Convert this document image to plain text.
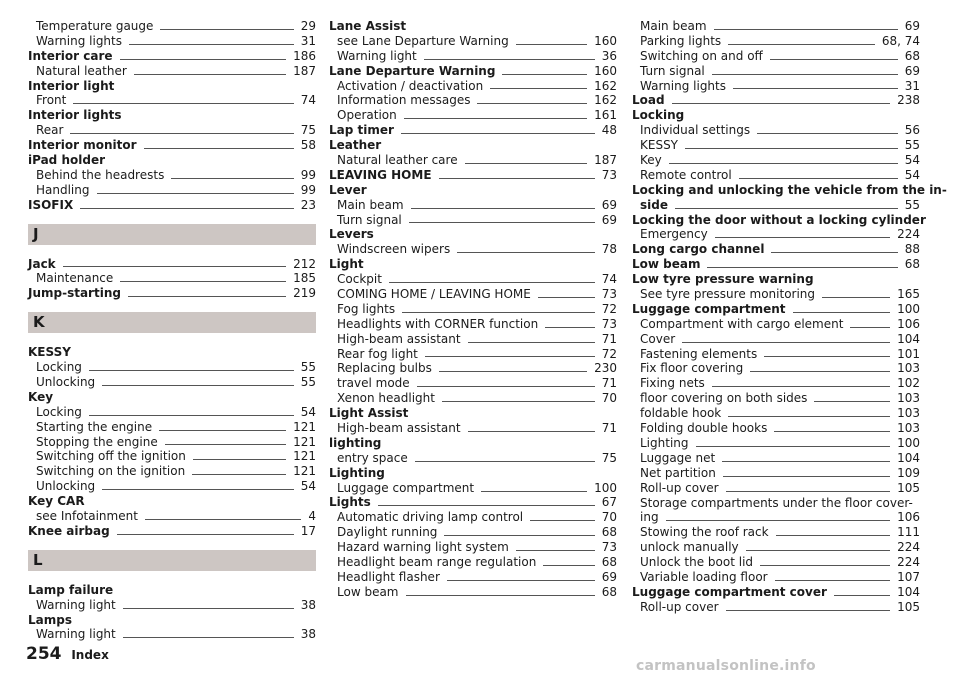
Temperature gauge	29
Warning lights	31
Interior care	186
Natural leather	187
Interior light
Front	74
Interior lights
Rear	75
Interior monitor	58
iPad holder
Behind the headrests	99
Handling	99
ISOFIX	23
J
Jack	212
Maintenance	185
Jump-starting	219
K
KESSY
Locking	55
Unlocking	55
Key
Locking	54
Starting the engine	121
Stopping the engine	121
Switching off the ignition	121
Switching on the ignition	121
Unlocking	54
Key CAR
see Infotainment	4
Knee airbag	17
L
Lamp failure
Warning light	38
Lamps
Warning light	38
Lane Assist
see Lane Departure Warning	160
Warning light	36
Lane Departure Warning	160
Activation / deactivation	162
Information messages	162
Operation	161
Lap timer	48
Leather
Natural leather care	187
LEAVING HOME	73
Lever
Main beam	69
Turn signal	69
Levers
Windscreen wipers	78
Light
Cockpit	74
COMING HOME / LEAVING HOME	73
Fog lights	72
Headlights with CORNER function	73
High-beam assistant	71
Rear fog light	72
Replacing bulbs	230
travel mode	71
Xenon headlight	70
Light Assist
High-beam assistant	71
lighting
entry space	75
Lighting
Luggage compartment	100
Lights	67
Automatic driving lamp control	70
Daylight running	68
Hazard warning light system	73
Headlight beam range regulation	68
Headlight flasher	69
Low beam	68
Main beam	69
Parking lights	68, 74
Switching on and off	68
Turn signal	69
Warning lights	31
Load	238
Locking
Individual settings	56
KESSY	55
Key	54
Remote control	54
Locking and unlocking the vehicle from the in-
side	55
Locking the door without a locking cylinder
Emergency	224
Long cargo channel	88
Low beam	68
Low tyre pressure warning
See tyre pressure monitoring	165
Luggage compartment	100
Compartment with cargo element	106
Cover	104
Fastening elements	101
Fix floor covering	103
Fixing nets	102
floor covering on both sides	103
foldable hook	103
Folding double hooks	103
Lighting	100
Luggage net	104
Net partition	109
Roll-up cover	105
Storage compartments under the floor cover-
ing	106
Stowing the roof rack	111
unlock manually	224
Unlock the boot lid	224
Variable loading floor	107
Luggage compartment cover	104
Roll-up cover	105
254 Index
carmanualsonline.info
